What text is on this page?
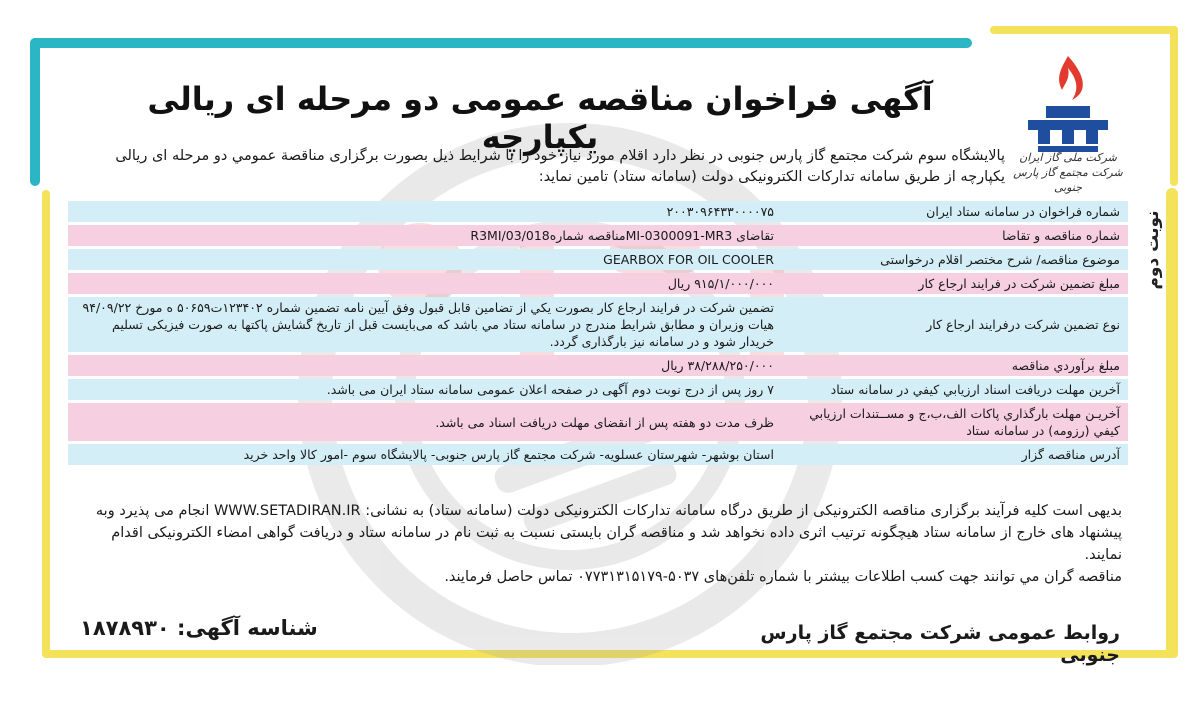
شرکت ملی گاز ایران
شرکت مجتمع گاز پارس جنوبی
آگهی فراخوان مناقصه عمومی دو مرحله ای ریالی یکپارچه
پالایشگاه سوم شرکت مجتمع گاز پارس جنوبی در نظر دارد اقلام مورد نیاز خود را با شرایط ذیل بصورت برگزاری مناقصة عمومي دو مرحله ای ریالی یکپارچه از طریق سامانه تدارکات الکترونیکی دولت (سامانه ستاد) تامین نماید:
نوبت دوم
شماره فراخوان در سامانه ستاد ایران	۲۰۰۳۰۹۶۴۳۳۰۰۰۰۷۵
شماره مناقصه و تقاضا	تقاضای MI-0300091-MR3مناقصه شماره03/018/R3MI
موضوع مناقصه/ شرح مختصر اقلام درخواستی	GEARBOX FOR OIL COOLER
مبلغ تضمين شركت در فرايند ارجاع كار	۹۱۵/۱/۰۰۰/۰۰۰ ریال
نوع تضمين شركت درفرايند ارجاع كار	تضمین شرکت در فرایند ارجاع کار بصورت يكي از تضامين قابل قبول وفق آيين نامه تضمين شماره ۱۲۳۴۰۲ت۵۰۶۵۹ ه مورخ ۹۴/۰۹/۲۲ هیات وزيران و مطابق شرايط مندرج در سامانه ستاد مي باشد که می‌بایست قبل از تاریخ گشايش پاکتها به صورت فیزیکی تسلیم خریدار شود و در سامانه نیز بارگذاری گردد.
مبلغ برآوردي مناقصه	۳۸/۲۸۸/۲۵۰/۰۰۰ ریال
آخرين مهلت دريافت اسناد ارزيابي كيفي در سامانه ستاد	۷ روز پس از درج نوبت دوم آگهی در صفحه اعلان عمومی سامانه ستاد ایران می باشد.
آخريـن مهلت بارگذاري پاكات الف،ب،ج و مســتندات ارزيابي كيفي (رزومه) در سامانه ستاد	ظرف مدت دو هفته پس از انقضای مهلت دریافت اسناد می باشد.
آدرس مناقصه گزار	استان بوشهر- شهرستان عسلویه- شرکت مجتمع گاز پارس جنوبی- پالایشگاه سوم -امور کالا واحد خرید
بديهی است كليه فرآيند برگزاری مناقصه الكترونيكی از طريق درگاه سامانه تداركات الكترونيكی دولت (سامانه ستاد) به نشانی: WWW.SETADIRAN.IR انجام می پذيرد وبه پيشنهاد های خارج از سامانه ستاد هيچگونه ترتيب اثری داده نخواهد شد و مناقصه گران بایستی نسبت به ثبت نام در سامانه ستاد و دریافت گواهی امضاء الکترونیکی اقدام نمایند.
مناقصه گران مي توانند جهت كسب اطلاعات بيشتر با شماره تلفن‌های ۵۰۳۷-۰۷۷۳۱۳۱۵۱۷۹ تماس حاصل فرمايند.
روابط عمومی شرکت مجتمع گاز پارس جنوبی
شناسه آگهی: ۱۸۷۸۹۳۰
